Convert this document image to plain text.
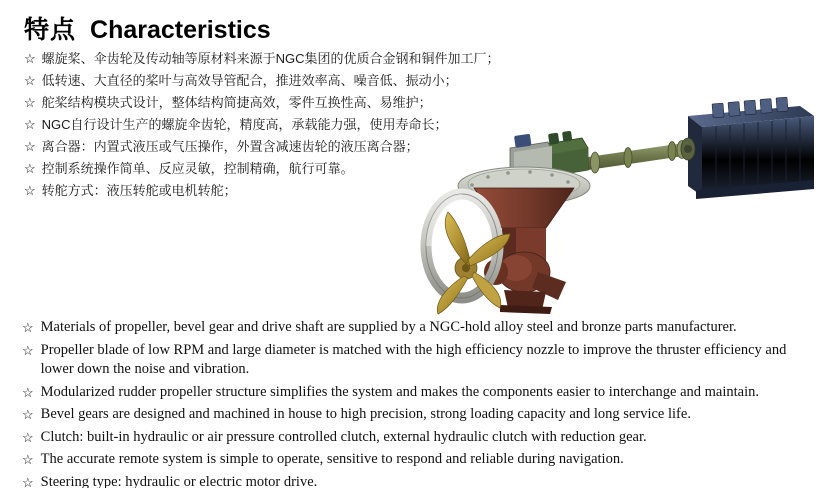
特点 Characteristics
☆ 螺旋桨、伞齿轮及传动轴等原材料来源于NGC集团的优质合金钢和铜件加工厂；
☆ 低转速、大直径的桨叶与高效导管配合，推进效率高、噪音低、振动小；
☆ 舵桨结构模块式设计，整体结构简捷高效，零件互换性高、易维护；
☆ NGC自行设计生产的螺旋伞齿轮，精度高，承载能力强，使用寿命长；
☆ 离合器：内置式液压或气压操作，外置含减速齿轮的液压离合器；
☆ 控制系统操作简单、反应灵敏，控制精确，航行可靠。
☆ 转舵方式：液压转舵或电机转舵；
☆ Materials of propeller, bevel gear and drive shaft are supplied by a NGC-hold alloy steel and bronze parts manufacturer.
☆ Propeller blade of low RPM and large diameter is matched with the high efficiency nozzle to improve the thruster efficiency and lower down the noise and vibration.
☆ Modularized rudder propeller structure simplifies the system and makes the components easier to interchange and maintain.
☆ Bevel gears are designed and machined in house to high precision, strong loading capacity and long service life.
☆ Clutch: built-in hydraulic or air pressure controlled clutch, external hydraulic clutch with reduction gear.
☆ The accurate remote system is simple to operate, sensitive to respond and reliable during navigation.
☆ Steering type: hydraulic or electric motor drive.
